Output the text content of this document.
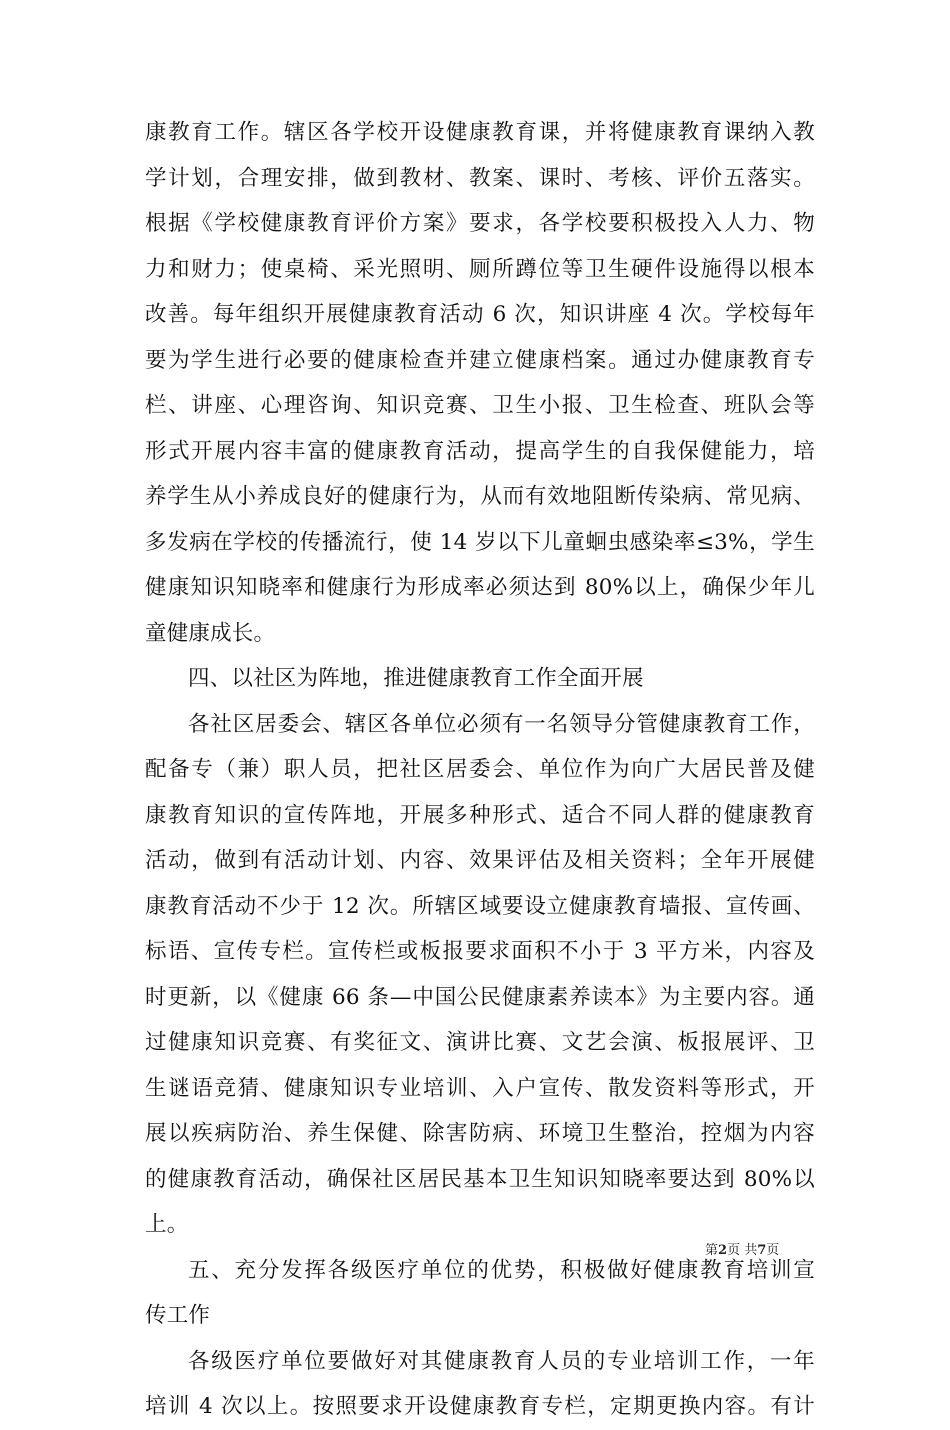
康教育工作。辖区各学校开设健康教育课，并将健康教育课纳入教
学计划，合理安排，做到教材、教案、课时、考核、评价五落实。
根据《学校健康教育评价方案》要求，各学校要积极投入人力、物
力和财力；使桌椅、采光照明、厕所蹲位等卫生硬件设施得以根本
改善。每年组织开展健康教育活动 6 次，知识讲座 4 次。学校每年
要为学生进行必要的健康检查并建立健康档案。通过办健康教育专
栏、讲座、心理咨询、知识竞赛、卫生小报、卫生检查、班队会等
形式开展内容丰富的健康教育活动，提高学生的自我保健能力，培
养学生从小养成良好的健康行为，从而有效地阻断传染病、常见病、
多发病在学校的传播流行，使 14 岁以下儿童蛔虫感染率≤3%，学生
健康知识知晓率和健康行为形成率必须达到 80%以上，确保少年儿
童健康成长。
四、以社区为阵地，推进健康教育工作全面开展
各社区居委会、辖区各单位必须有一名领导分管健康教育工作，
配备专（兼）职人员，把社区居委会、单位作为向广大居民普及健
康教育知识的宣传阵地，开展多种形式、适合不同人群的健康教育
活动，做到有活动计划、内容、效果评估及相关资料；全年开展健
康教育活动不少于 12 次。所辖区域要设立健康教育墙报、宣传画、
标语、宣传专栏。宣传栏或板报要求面积不小于 3 平方米，内容及
时更新，以《健康 66 条—中国公民健康素养读本》为主要内容。通
过健康知识竞赛、有奖征文、演讲比赛、文艺会演、板报展评、卫
生谜语竞猜、健康知识专业培训、入户宣传、散发资料等形式，开
展以疾病防治、养生保健、除害防病、环境卫生整治，控烟为内容
的健康教育活动，确保社区居民基本卫生知识知晓率要达到 80%以
上。
五、充分发挥各级医疗单位的优势，积极做好健康教育培训宣
传工作
各级医疗单位要做好对其健康教育人员的专业培训工作，一年
培训 4 次以上。按照要求开设健康教育专栏，定期更换内容。有计
第2页 共7页
